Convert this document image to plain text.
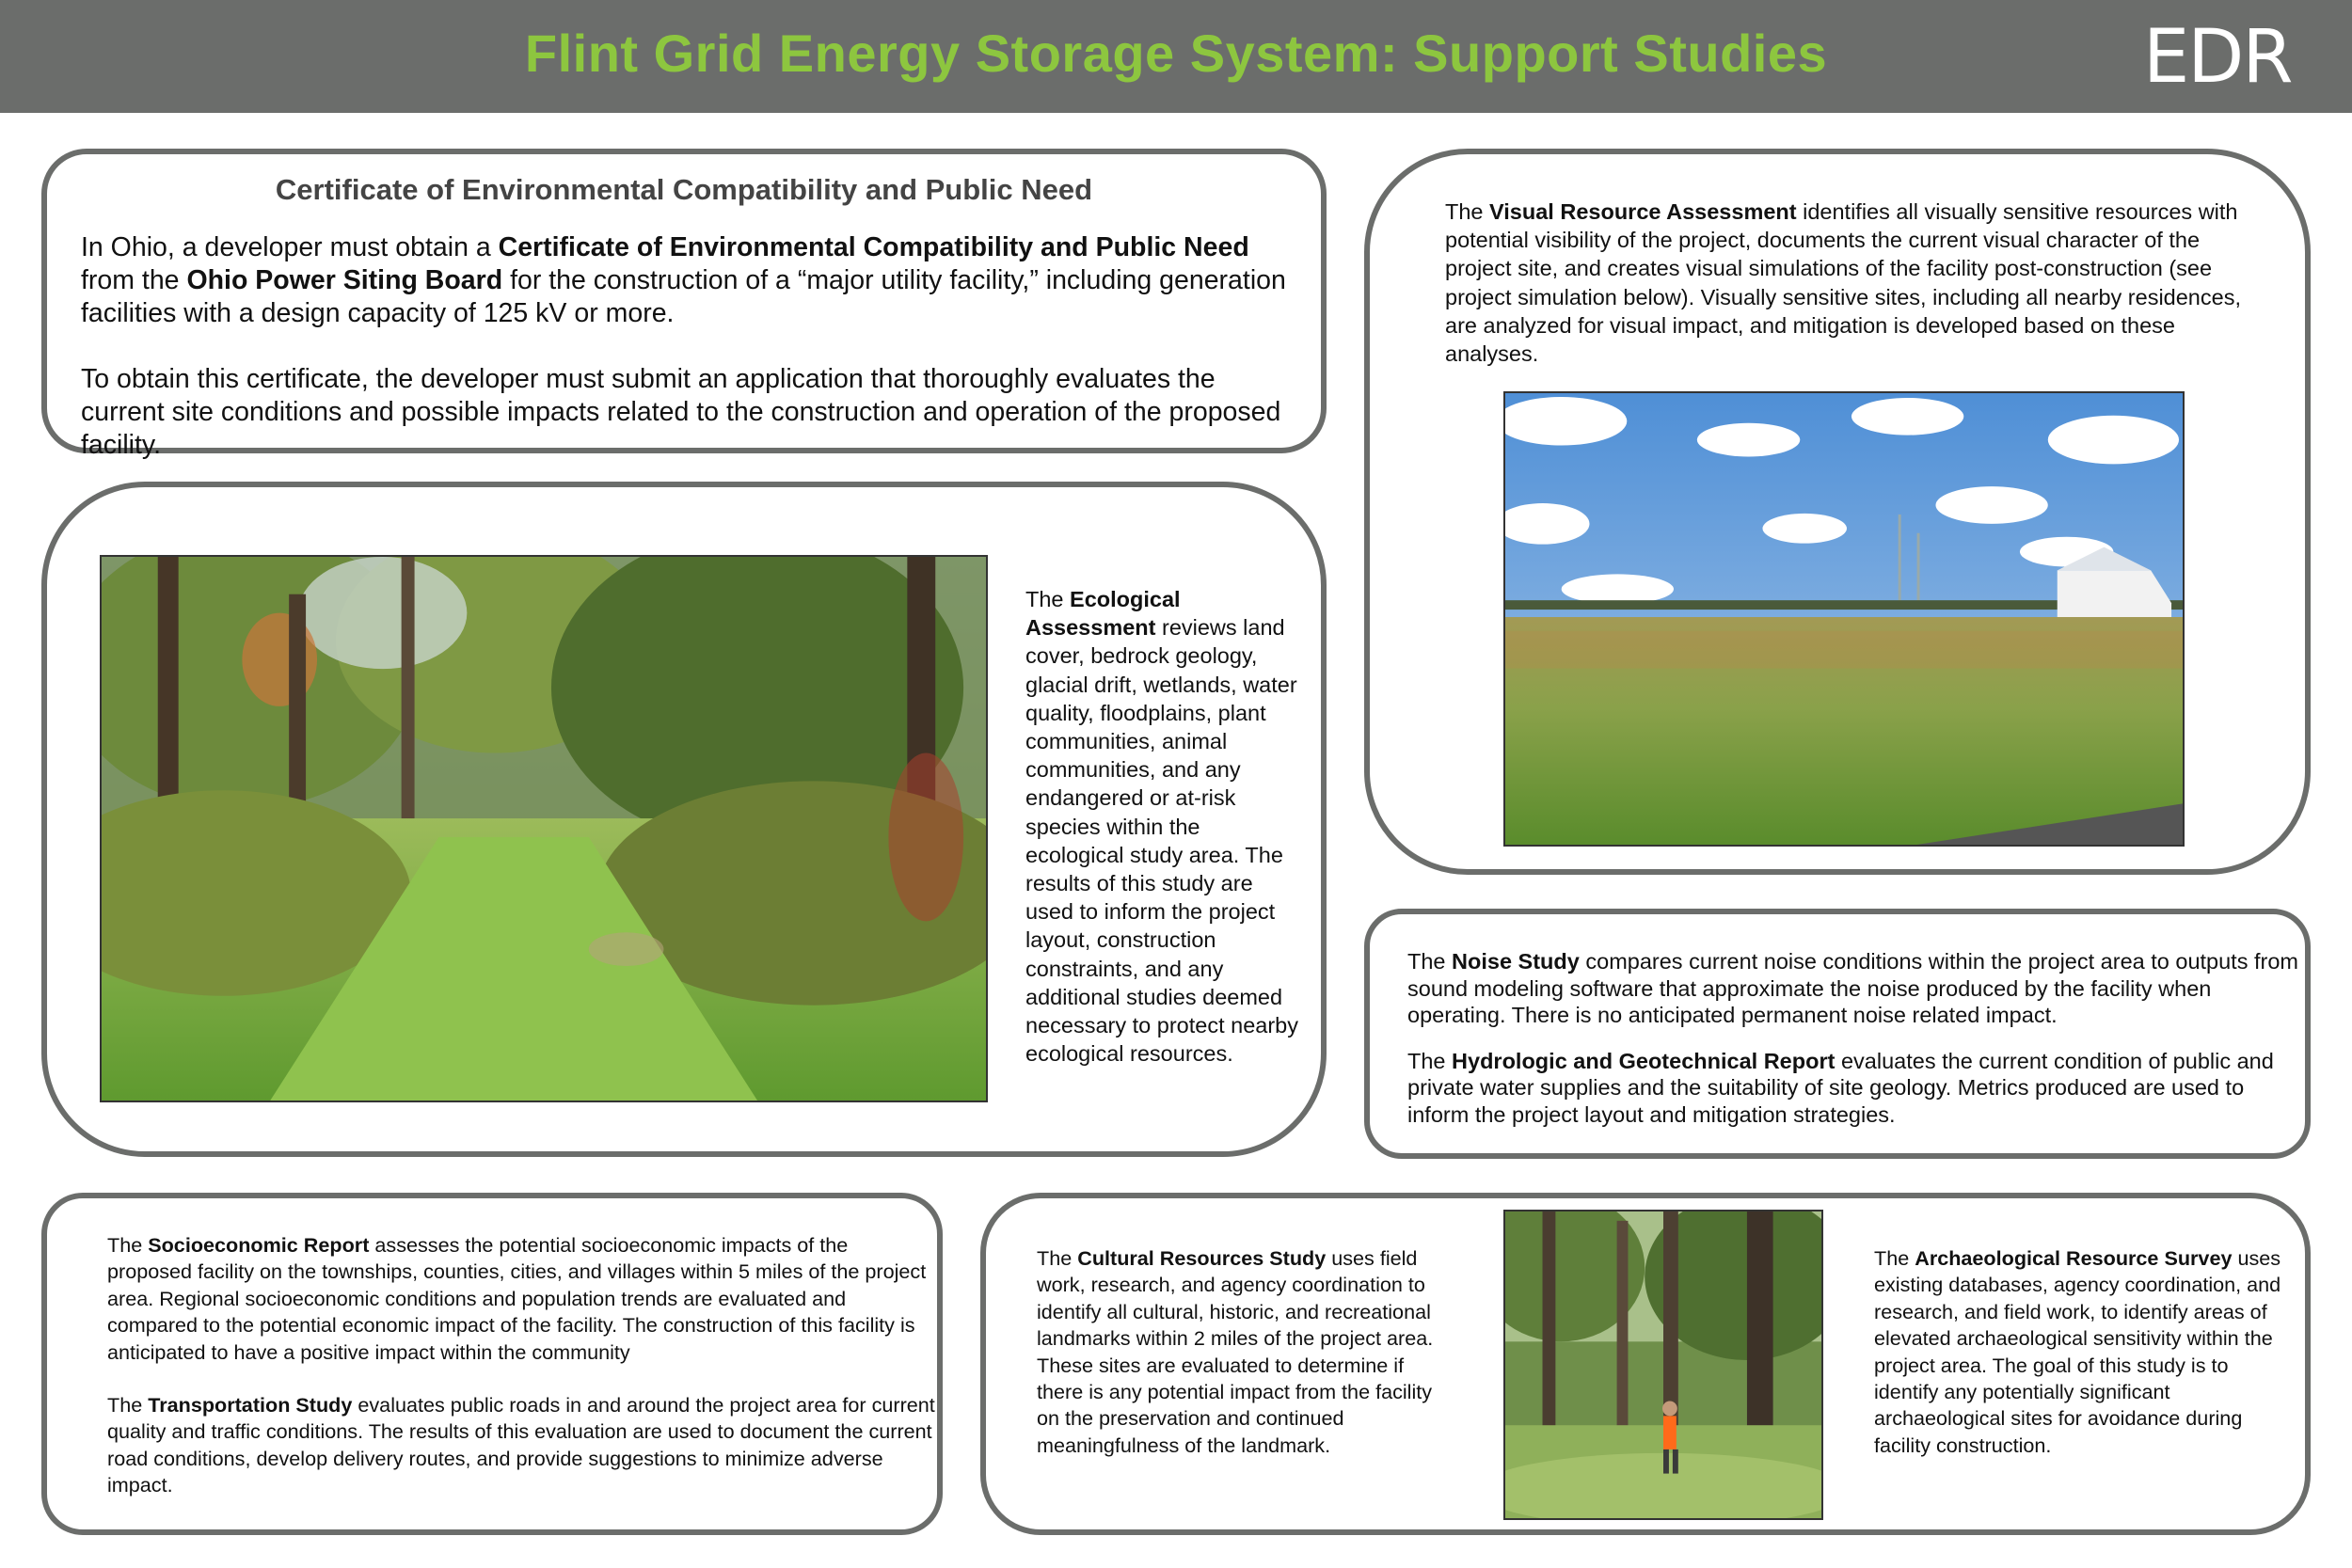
Flint Grid Energy Storage System: Support Studies	EDR
Certificate of Environmental Compatibility and Public Need

In Ohio, a developer must obtain a Certificate of Environmental Compatibility and Public Need from the Ohio Power Siting Board for the construction of a “major utility facility,” including generation facilities with a design capacity of 125 kV or more.

To obtain this certificate, the developer must submit an application that thoroughly evaluates the current site conditions and possible impacts related to the construction and operation of the proposed facility.

The Ecological Assessment reviews land cover, bedrock geology, glacial drift, wetlands, water quality, floodplains, plant communities, animal communities, and any endangered or at-risk species within the ecological study area. The results of this study are used to inform the project layout, construction constraints, and any additional studies deemed necessary to protect nearby ecological resources.
The Visual Resource Assessment identifies all visually sensitive resources with potential visibility of the project, documents the current visual character of the project site, and creates visual simulations of the facility post-construction (see project simulation below). Visually sensitive sites, including all nearby residences, are analyzed for visual impact, and mitigation is developed based on these analyses.

The Noise Study compares current noise conditions within the project area to outputs from sound modeling software that approximate the noise produced by the facility when operating. There is no anticipated permanent noise related impact.

The Hydrologic and Geotechnical Report evaluates the current condition of public and private water supplies and the suitability of site geology. Metrics produced are used to inform the project layout and mitigation strategies.

The Socioeconomic Report assesses the potential socioeconomic impacts of the proposed facility on the townships, counties, cities, and villages within 5 miles of the project area. Regional socioeconomic conditions and population trends are evaluated and compared to the potential economic impact of the facility. The construction of this facility is anticipated to have a positive impact within the community

The Transportation Study evaluates public roads in and around the project area for current quality and traffic conditions. The results of this evaluation are used to document the current road conditions, develop delivery routes, and provide suggestions to minimize adverse impact.

The Cultural Resources Study uses field work, research, and agency coordination to identify all cultural, historic, and recreational landmarks within 2 miles of the project area. These sites are evaluated to determine if there is any potential impact from the facility on the preservation and continued meaningfulness of the landmark.
The Archaeological Resource Survey uses existing databases, agency coordination, and research, and field work, to identify areas of elevated archaeological sensitivity within the project area. The goal of this study is to identify any potentially significant archaeological sites for avoidance during facility construction.
